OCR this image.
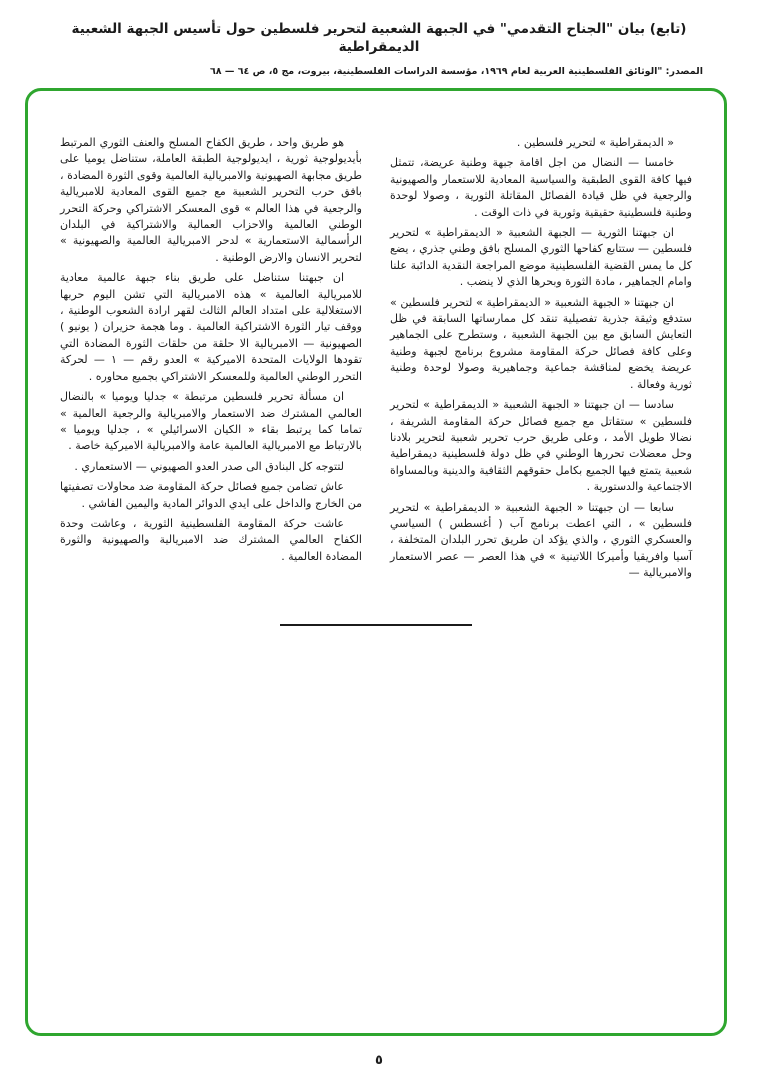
(تابع) بيان "الجناح التقدمي" في الجبهة الشعبية لتحرير فلسطين حول تأسيس الجبهة الشعبية الديمقراطية
المصدر: "الوثائق الفلسطينية العربية لعام ١٩٦٩، مؤسسة الدراسات الفلسطينية، بيروت، مج ٥، ص ٦٤ — ٦٨

« الديمقراطية » لتحرير فلسطين .

خامسا — النضال من اجل اقامة جبهة وطنية عريضة، تتمثل فيها كافة القوى الطبقية والسياسية المعادية للاستعمار والصهيونية والرجعية في ظل قيادة الفصائل المقاتلة الثورية ، وصولا لوحدة وطنية فلسطينية حقيقية وثورية في ذات الوقت .

ان جبهتنا الثورية — الجبهة الشعبية « الديمقراطية » لتحرير فلسطين — ستتابع كفاحها الثوري المسلح بافق وطني جذري ، يضع كل ما يمس القضية الفلسطينية موضع المراجعة النقدية الدائبة علنا وامام الجماهير ، مادة الثورة وبحرها الذي لا ينضب .

ان جبهتنا « الجبهة الشعبية « الديمقراطية » لتحرير فلسطين » ستدفع وثيقة جذرية تفصيلية تنقد كل ممارساتها السابقة في ظل التعايش السابق مع بين الجبهة الشعبية ، وستطرح على الجماهير وعلى كافة فصائل حركة المقاومة مشروع برنامج لجبهة وطنية عريضة يخضع لمناقشة جماعية وجماهيرية وصولا لوحدة وطنية ثورية وفعالة .

سادسا — ان جبهتنا « الجبهة الشعبية « الديمقراطية » لتحرير فلسطين » ستقاتل مع جميع فصائل حركة المقاومة الشريفة ، نضالا طويل الأمد ، وعلى طريق حرب تحرير شعبية لتحرير بلادنا وحل معضلات تحررها الوطني في ظل دولة فلسطينية ديمقراطية شعبية يتمتع فيها الجميع بكامل حقوقهم الثقافية والدينية وبالمساواة الاجتماعية والدستورية .

سابعا — ان جبهتنا « الجبهة الشعبية « الديمقراطية » لتحرير فلسطين » ، التي اعطت برنامج آب ( أغسطس ) السياسي والعسكري الثوري ، والذي يؤكد ان طريق تحرر البلدان المتخلفة ، آسيا وافريقيا وأميركا اللاتينية » في هذا العصر — عصر الاستعمار والامبريالية —

هو طريق واحد ، طريق الكفاح المسلح والعنف الثوري المرتبط بأيديولوجية ثورية ، ايديولوجية الطبقة العاملة، ستناضل يوميا على طريق مجابهة الصهيونية والامبريالية العالمية وقوى الثورة المضادة ، بافق حرب التحرير الشعبية مع جميع القوى المعادية للامبريالية والرجعية في هذا العالم » قوى المعسكر الاشتراكي وحركة التحرر الوطني العالمية والاحزاب العمالية والاشتراكية في البلدان الرأسمالية الاستعمارية » لدحر الامبريالية العالمية والصهيونية » لتحرير الانسان والارض الوطنية .

ان جبهتنا ستناضل على طريق بناء جبهة عالمية معادية للامبريالية العالمية » هذه الامبريالية التي تشن اليوم حربها الاستغلالية على امتداد العالم الثالث لقهر ارادة الشعوب الوطنية ، ووقف تيار الثورة الاشتراكية العالمية . وما هجمة حزيران ( يونيو ) الصهيونية — الامبريالية الا حلقة من حلقات الثورة المضادة التي تقودها الولايات المتحدة الاميركية » العدو رقم — ١ — لحركة التحرر الوطني العالمية وللمعسكر الاشتراكي بجميع محاوره .

ان مسألة تحرير فلسطين مرتبطة » جدليا ويوميا » بالنضال العالمي المشترك ضد الاستعمار والامبريالية والرجعية العالمية » تماما كما يرتبط بقاء « الكيان الاسرائيلي » ، جدليا ويوميا » بالارتباط مع الامبريالية العالمية عامة والامبريالية الاميركية خاصة .

لتتوجه كل البنادق الى صدر العدو الصهيوني — الاستعماري .

عاش تضامن جميع فصائل حركة المقاومة ضد محاولات تصفيتها من الخارج والداخل على ايدي الدوائر المادية واليمين الفاشي .

عاشت حركة المقاومة الفلسطينية الثورية ، وعاشت وحدة الكفاح العالمي المشترك ضد الامبريالية والصهيونية والثورة المضادة العالمية .

٥
